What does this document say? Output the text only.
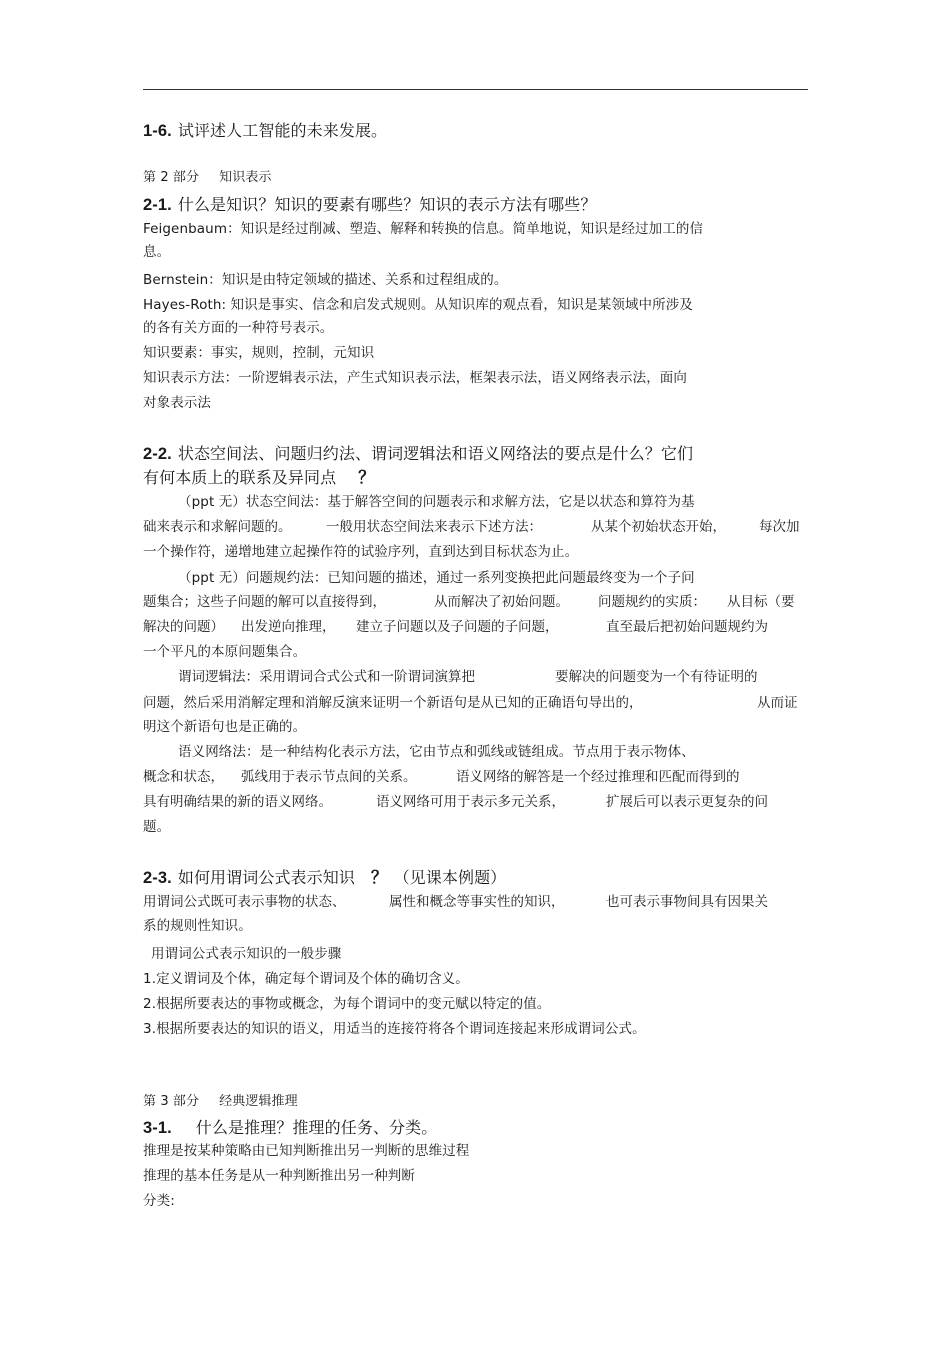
1-6. 试评述人工智能的未来发展。
第 2 部分 知识表示
2-1. 什么是知识？知识的要素有哪些？知识的表示方法有哪些？
Feigenbaum：知识是经过削减、塑造、解释和转换的信息。简单地说，知识是经过加工的信
息。
Bernstein：知识是由特定领域的描述、关系和过程组成的。
Hayes-Roth: 知识是事实、信念和启发式规则。从知识库的观点看，知识是某领域中所涉及
的各有关方面的一种符号表示。
知识要素：事实，规则，控制，元知识
知识表示方法：一阶逻辑表示法，产生式知识表示法，框架表示法，语义网络表示法，面向
对象表示法
2-2. 状态空间法、问题归约法、谓词逻辑法和语义网络法的要点是什么？它们
有何本质上的联系及异同点 ？
（ppt 无）状态空间法：基于解答空间的问题表示和求解方法，它是以状态和算符为基
础来表示和求解问题的。	一般用状态空间法来表示下述方法：	从某个初始状态开始， 每次加
一个操作符，递增地建立起操作符的试验序列，直到达到目标状态为止。
（ppt 无）问题规约法：已知问题的描述，通过一系列变换把此问题最终变为一个子问
题集合；这些子问题的解可以直接得到，	从而解决了初始问题。 问题规约的实质： 从目标（要
解决的问题） 出发逆向推理， 建立子问题以及子问题的子问题，	直至最后把初始问题规约为
一个平凡的本原问题集合。
谓词逻辑法：采用谓词合式公式和一阶谓词演算把	要解决的问题变为一个有待证明的
问题，然后采用消解定理和消解反演来证明一个新语句是从已知的正确语句导出的，	从而证
明这个新语句也是正确的。
语义网络法：是一种结构化表示方法，它由节点和弧线或链组成。节点用于表示物体、
概念和状态， 弧线用于表示节点间的关系。	语义网络的解答是一个经过推理和匹配而得到的
具有明确结果的新的语义网络。	语义网络可用于表示多元关系，	扩展后可以表示更复杂的问
题。
2-3. 如何用谓词公式表示知识 ？ （见课本例题）
用谓词公式既可表示事物的状态、	属性和概念等事实性的知识，	也可表示事物间具有因果关
系的规则性知识。
用谓词公式表示知识的一般步骤
1.定义谓词及个体，确定每个谓词及个体的确切含义。
2.根据所要表达的事物或概念，为每个谓词中的变元赋以特定的值。
3.根据所要表达的知识的语义，用适当的连接符将各个谓词连接起来形成谓词公式。
第 3 部分 经典逻辑推理
3-1. 什么是推理？推理的任务、分类。
推理是按某种策略由已知判断推出另一判断的思维过程
推理的基本任务是从一种判断推出另一种判断
分类:
